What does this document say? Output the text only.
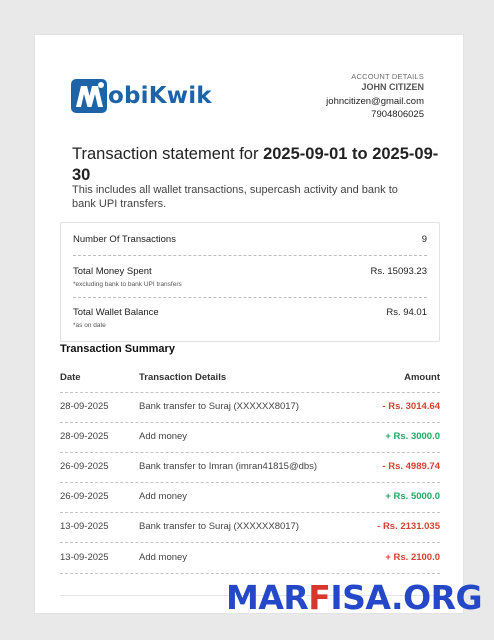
obiKwik
ACCOUNT DETAILS
JOHN CITIZEN
johncitizen@gmail.com
7904806025
Transaction statement for 2025-09-01 to 2025-09-30
This includes all wallet transactions, supercash activity and bank to bank UPI transfers.
Number Of Transactions	9
Total Money Spent	Rs. 15093.23
*excluding bank to bank UPI transfers
Total Wallet Balance	Rs. 94.01
*as on date
Transaction Summary
Date	Transaction Details	Amount
28-09-2025	Bank transfer to Suraj (XXXXXX8017)	- Rs. 3014.64
28-09-2025	Add money	+ Rs. 3000.0
26-09-2025	Bank transfer to Imran (imran41815@dbs)	- Rs. 4989.74
26-09-2025	Add money	+ Rs. 5000.0
13-09-2025	Bank transfer to Suraj (XXXXXX8017)	- Rs. 2131.035
13-09-2025	Add money	+ Rs. 2100.0
MARFISA.ORG
